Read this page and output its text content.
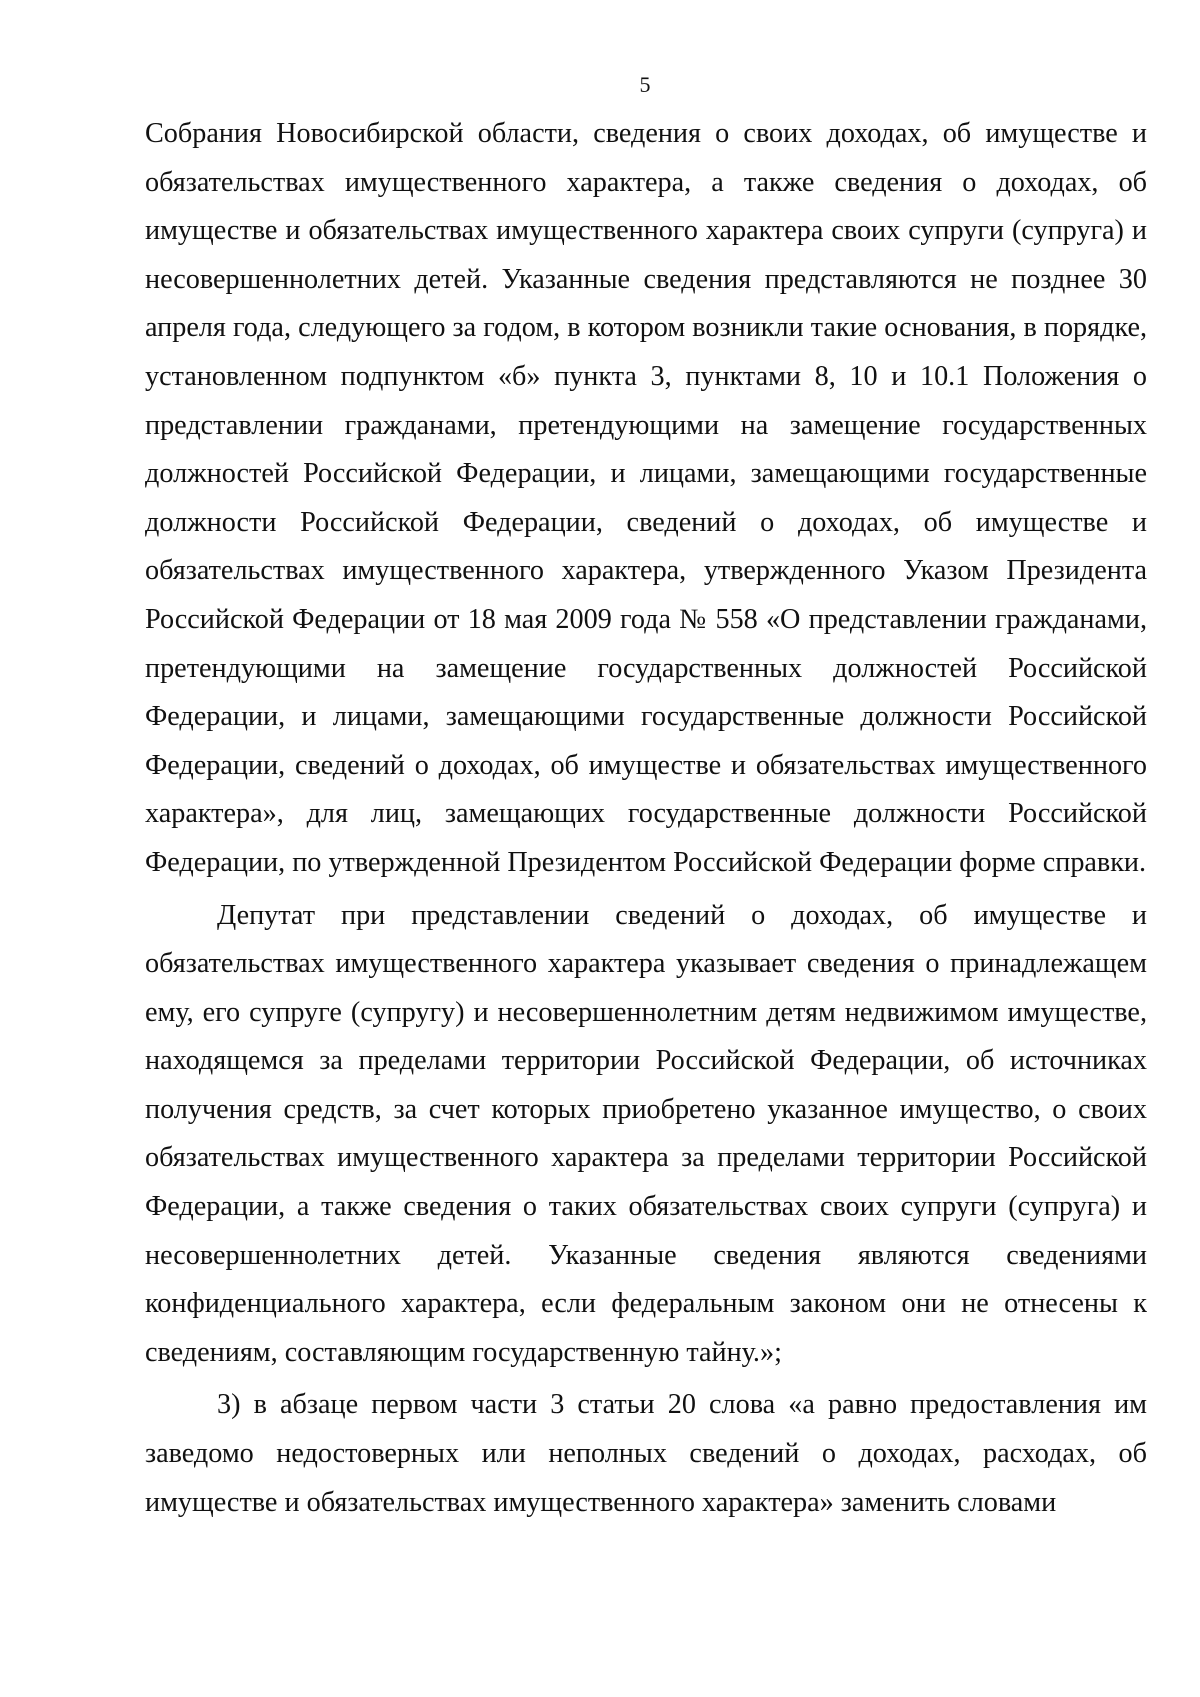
5

Собрания Новосибирской области, сведения о своих доходах, об имуществе и обязательствах имущественного характера, а также сведения о доходах, об имуществе и обязательствах имущественного характера своих супруги (супруга) и несовершеннолетних детей. Указанные сведения представляются не позднее 30 апреля года, следующего за годом, в котором возникли такие основания, в порядке, установленном подпунктом «б» пункта 3, пунктами 8, 10 и 10.1 Положения о представлении гражданами, претендующими на замещение государственных должностей Российской Федерации, и лицами, замещающими государственные должности Российской Федерации, сведений о доходах, об имуществе и обязательствах имущественного характера, утвержденного Указом Президента Российской Федерации от 18 мая 2009 года № 558 «О представлении гражданами, претендующими на замещение государственных должностей Российской Федерации, и лицами, замещающими государственные должности Российской Федерации, сведений о доходах, об имуществе и обязательствах имущественного характера», для лиц, замещающих государственные должности Российской Федерации, по утвержденной Президентом Российской Федерации форме справки.

Депутат при представлении сведений о доходах, об имуществе и обязательствах имущественного характера указывает сведения о принадлежащем ему, его супруге (супругу) и несовершеннолетним детям недвижимом имуществе, находящемся за пределами территории Российской Федерации, об источниках получения средств, за счет которых приобретено указанное имущество, о своих обязательствах имущественного характера за пределами территории Российской Федерации, а также сведения о таких обязательствах своих супруги (супруга) и несовершеннолетних детей. Указанные сведения являются сведениями конфиденциального характера, если федеральным законом они не отнесены к сведениям, составляющим государственную тайну.»;

3) в абзаце первом части 3 статьи 20 слова «а равно предоставления им заведомо недостоверных или неполных сведений о доходах, расходах, об имуществе и обязательствах имущественного характера» заменить словами
